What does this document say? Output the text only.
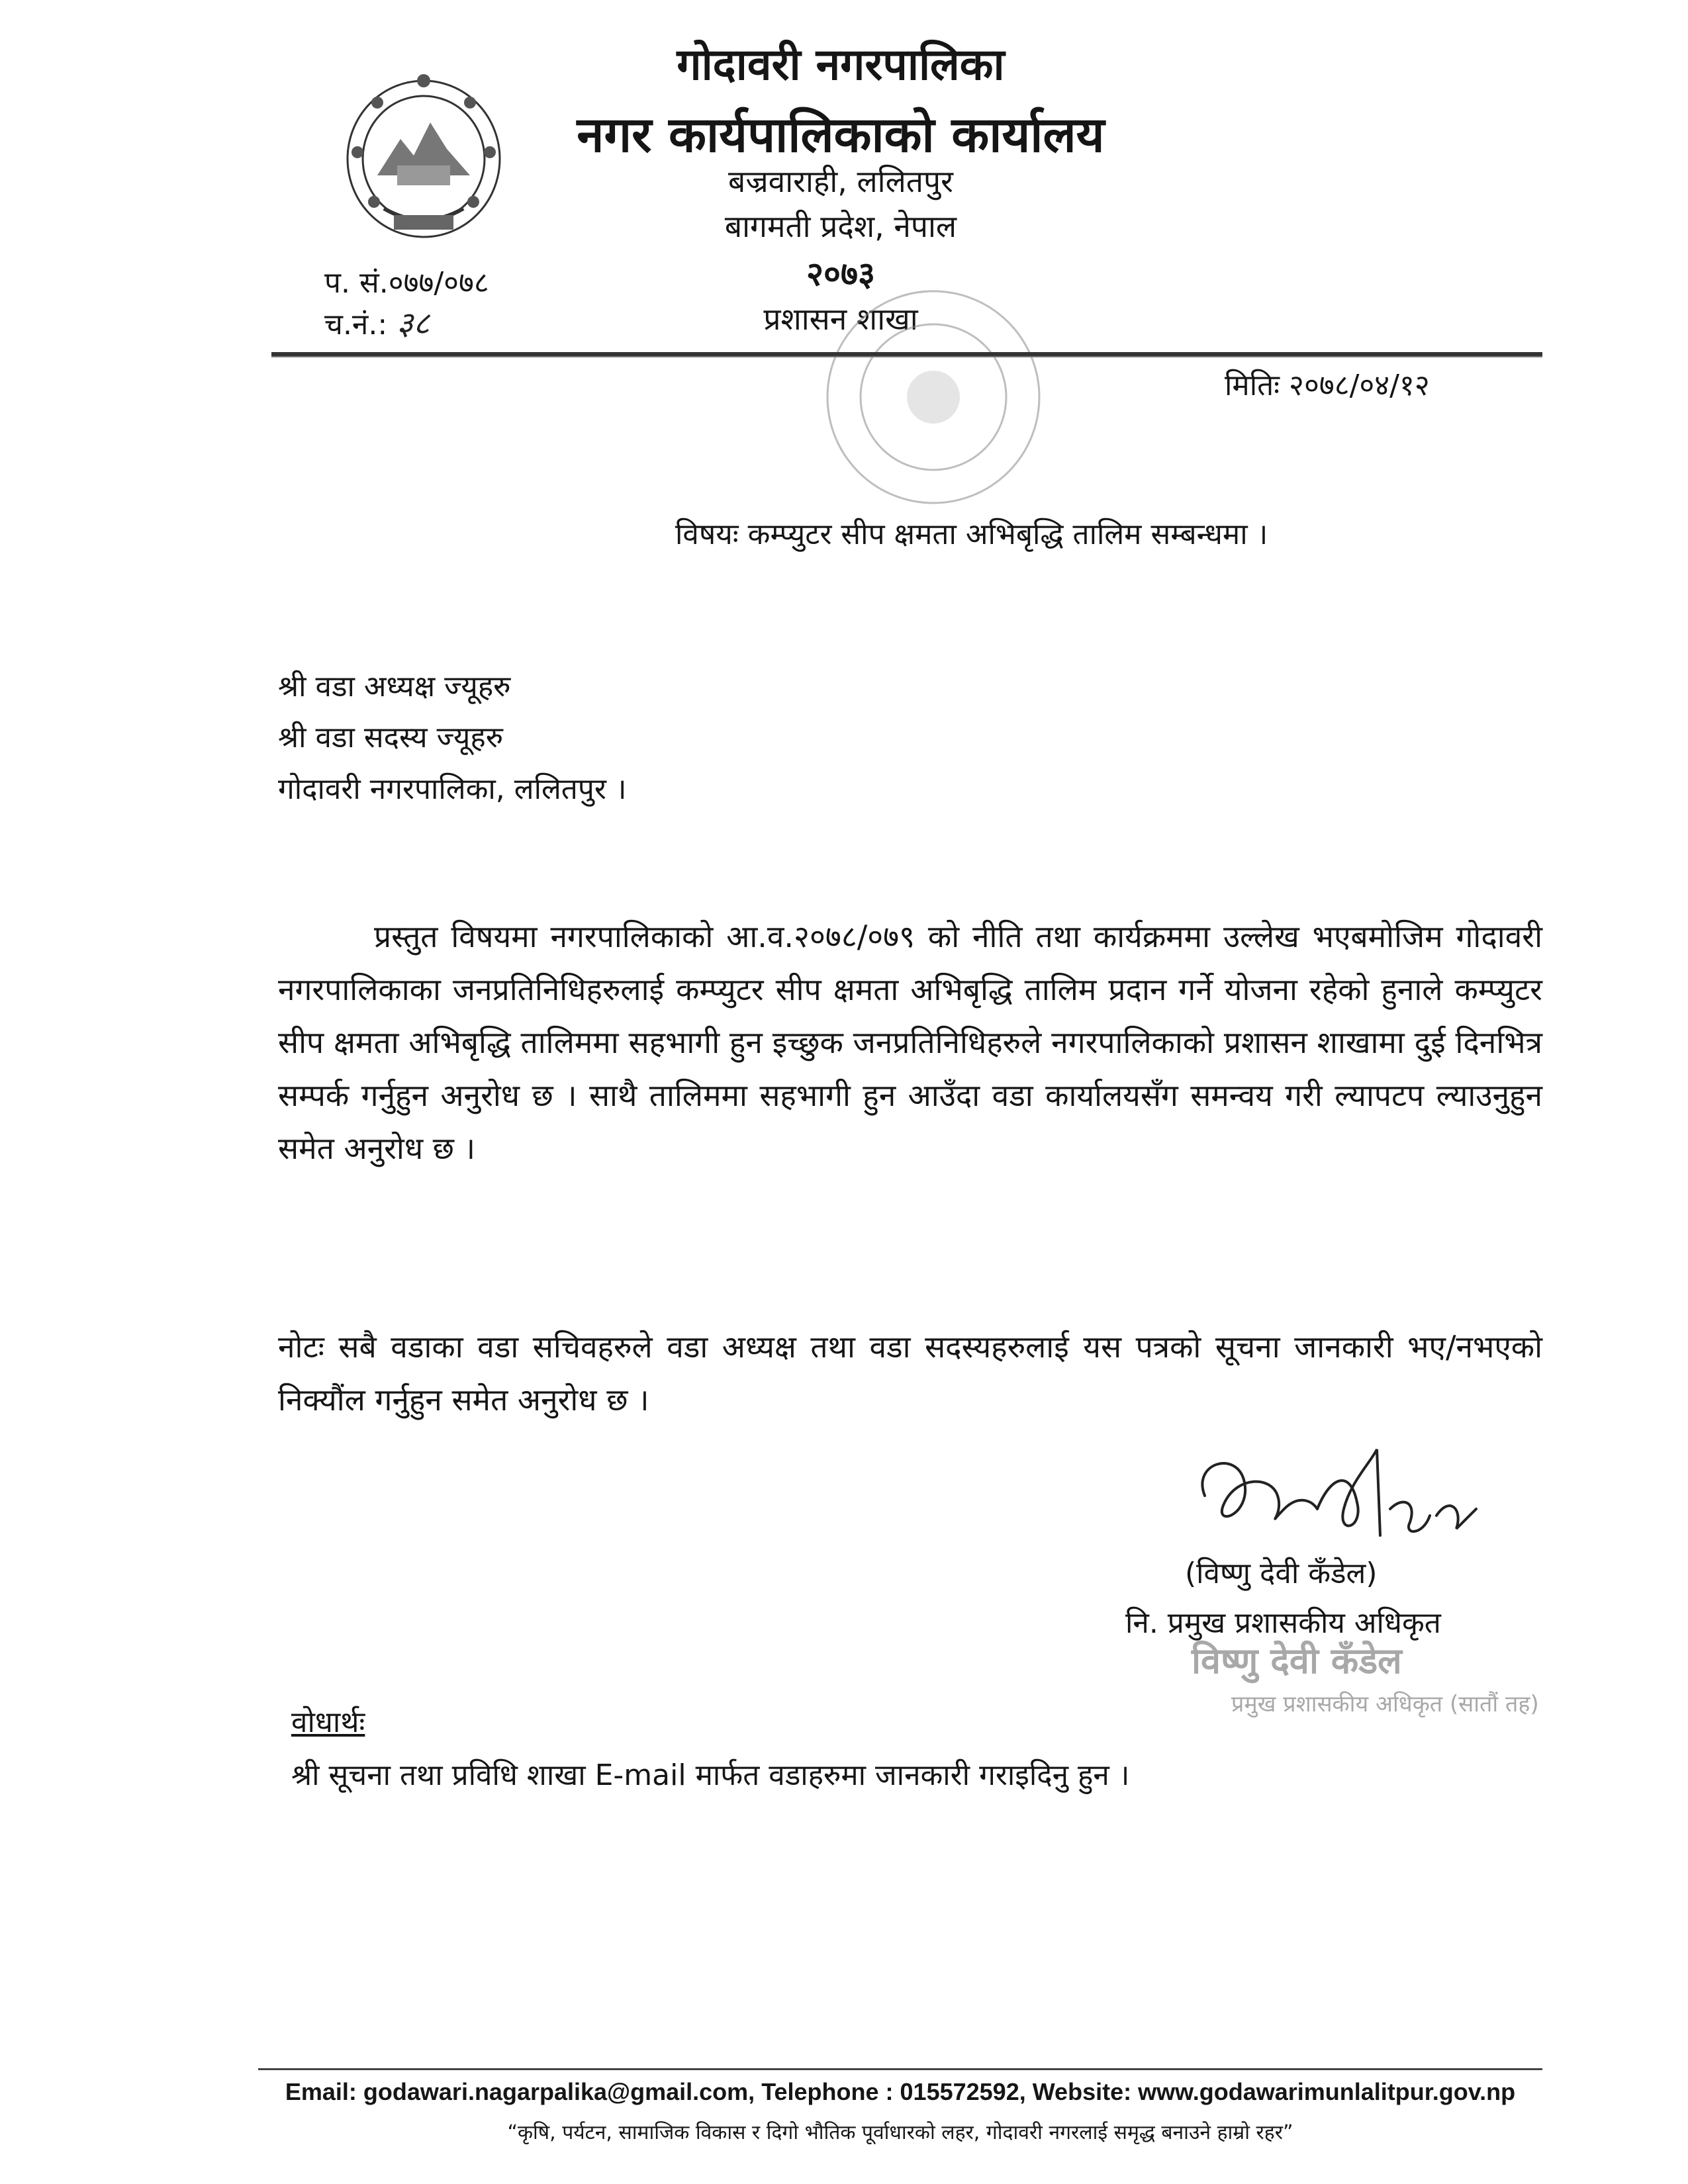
गोदावरी नगरपालिका
नगर कार्यपालिकाको कार्यालय
बज्रवाराही, ललितपुर
बागमती प्रदेश, नेपाल
२०७३
प्रशासन शाखा
प. सं.०७७/०७८
च.नं.: ३८
मितिः २०७८/०४/१२
विषयः कम्प्युटर सीप क्षमता अभिबृद्धि तालिम सम्बन्धमा ।
श्री वडा अध्यक्ष ज्यूहरु
श्री वडा सदस्य ज्यूहरु
गोदावरी नगरपालिका, ललितपुर ।
प्रस्तुत विषयमा नगरपालिकाको आ.व.२०७८/०७९ को नीति तथा कार्यक्रममा उल्लेख भएबमोजिम गोदावरी नगरपालिकाका जनप्रतिनिधिहरुलाई कम्प्युटर सीप क्षमता अभिबृद्धि तालिम प्रदान गर्ने योजना रहेको हुनाले कम्प्युटर सीप क्षमता अभिबृद्धि तालिममा सहभागी हुन इच्छुक जनप्रतिनिधिहरुले नगरपालिकाको प्रशासन शाखामा दुई दिनभित्र सम्पर्क गर्नुहुन अनुरोध छ । साथै तालिममा सहभागी हुन आउँदा वडा कार्यालयसँग समन्वय गरी ल्यापटप ल्याउनुहुन समेत अनुरोध छ ।
नोटः सबै वडाका वडा सचिवहरुले वडा अध्यक्ष तथा वडा सदस्यहरुलाई यस पत्रको सूचना जानकारी भए/नभएको निक्यौंल गर्नुहुन समेत अनुरोध छ ।
(विष्णु देवी कँडेल)
नि. प्रमुख प्रशासकीय अधिकृत
विष्णु देवी कँडेल
प्रमुख प्रशासकीय अधिकृत (सातौं तह)
वोधार्थः
श्री सूचना तथा प्रविधि शाखा E-mail मार्फत वडाहरुमा जानकारी गराइदिनु हुन ।
Email: godawari.nagarpalika@gmail.com, Telephone : 015572592, Website: www.godawarimunlalitpur.gov.np
“कृषि, पर्यटन, सामाजिक विकास र दिगो भौतिक पूर्वाधारको लहर, गोदावरी नगरलाई समृद्ध बनाउने हाम्रो रहर”
